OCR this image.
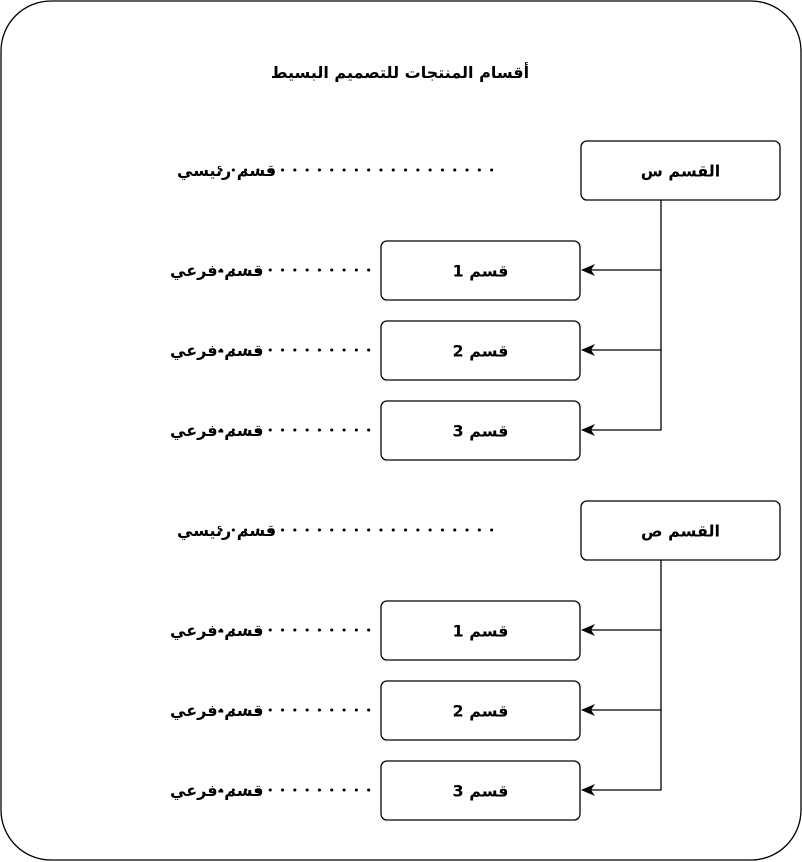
أقسام المنتجات للتصميم البسيط
القسم س
قسم 1
قسم 2
قسم 3
قسم رئيسي
قسم-فرعي
قسم-فرعي
قسم-فرعي
القسم ص
قسم 1
قسم 2
قسم 3
قسم رئيسي
قسم-فرعي
قسم-فرعي
قسم-فرعي
